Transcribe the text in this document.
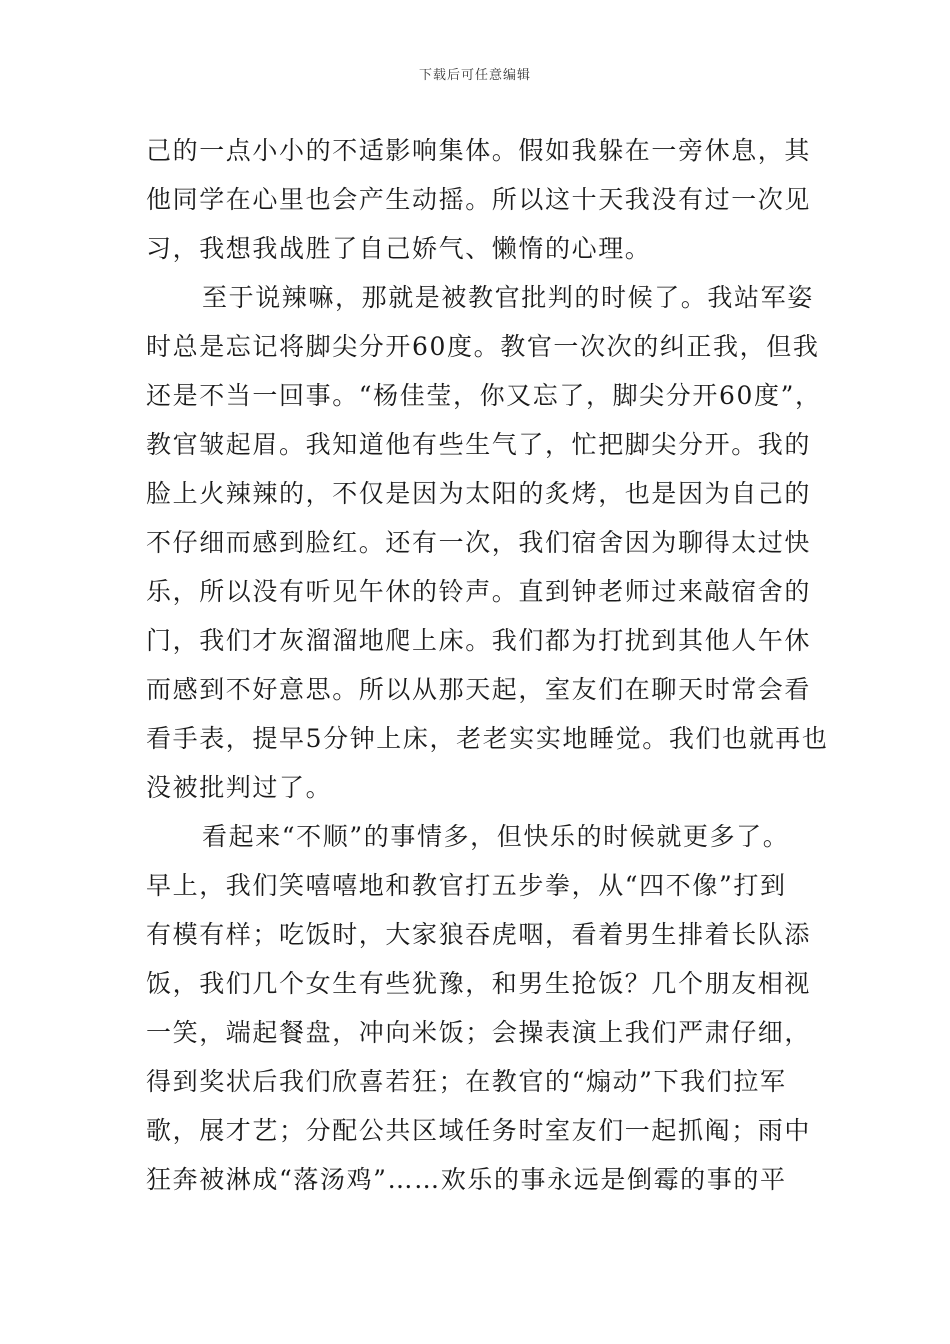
下载后可任意编辑
己的一点小小的不适影响集体。假如我躲在一旁休息，其
他同学在心里也会产生动摇。所以这十天我没有过一次见
习，我想我战胜了自己娇气、懒惰的心理。
至于说辣嘛，那就是被教官批判的时候了。我站军姿
时总是忘记将脚尖分开60度。教官一次次的纠正我，但我
还是不当一回事。“杨佳莹，你又忘了，脚尖分开60度”，
教官皱起眉。我知道他有些生气了，忙把脚尖分开。我的
脸上火辣辣的，不仅是因为太阳的炙烤，也是因为自己的
不仔细而感到脸红。还有一次，我们宿舍因为聊得太过快
乐，所以没有听见午休的铃声。直到钟老师过来敲宿舍的
门，我们才灰溜溜地爬上床。我们都为打扰到其他人午休
而感到不好意思。所以从那天起，室友们在聊天时常会看
看手表，提早5分钟上床，老老实实地睡觉。我们也就再也
没被批判过了。
看起来“不顺”的事情多，但快乐的时候就更多了。
早上，我们笑嘻嘻地和教官打五步拳，从“四不像”打到
有模有样；吃饭时，大家狼吞虎咽，看着男生排着长队添
饭，我们几个女生有些犹豫，和男生抢饭？几个朋友相视
一笑，端起餐盘，冲向米饭；会操表演上我们严肃仔细，
得到奖状后我们欣喜若狂；在教官的“煽动”下我们拉军
歌，展才艺；分配公共区域任务时室友们一起抓阄；雨中
狂奔被淋成“落汤鸡”……欢乐的事永远是倒霉的事的平
